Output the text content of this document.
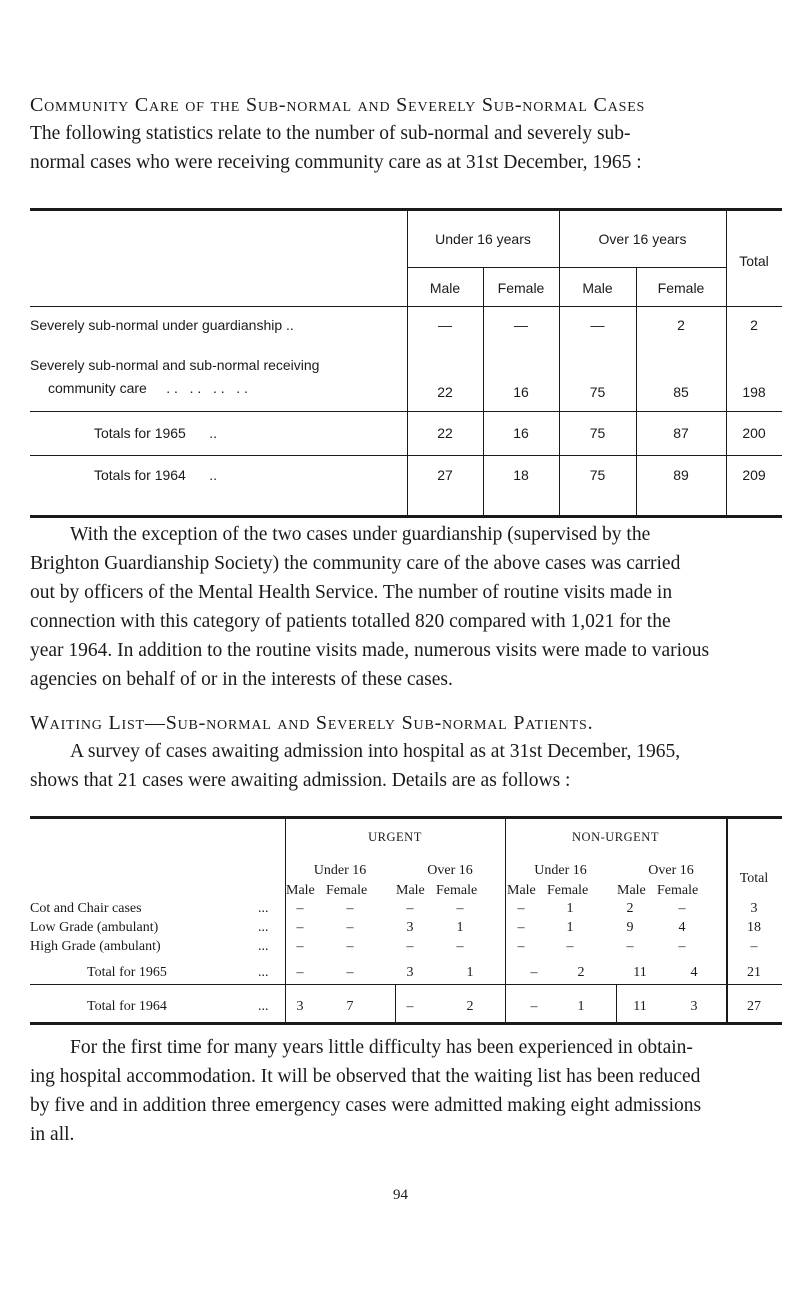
Community Care of the Sub-normal and Severely Sub-normal Cases

The following statistics relate to the number of sub-normal and severely sub-

normal cases who were receiving community care as at 31st December, 1965 :

Under 16 years	Over 16 years
Total
Male	Female	Male	Female
Severely sub-normal under guardianship ..	—	—	—	2	2
Severely sub-normal and sub-normal receiving
community care . .   . .   . .   . .	22	16	75	85	198
Totals for 1965 ..	22	16	75	87	200
Totals for 1964 ..	27	18	75	89	209

With the exception of the two cases under guardianship (supervised by the

Brighton Guardianship Society) the community care of the above cases was carried

out by officers of the Mental Health Service. The number of routine visits made in

connection with this category of patients totalled 820 compared with 1,021 for the

year 1964. In addition to the routine visits made, numerous visits were made to various

agencies on behalf of or in the interests of these cases.

Waiting List—Sub-normal and Severely Sub-normal Patients.

A survey of cases awaiting admission into hospital as at 31st December, 1965,

shows that 21 cases were awaiting admission. Details are as follows :

URGENT	NON-URGENT
Under 16	Over 16	Under 16	Over 16
Total
Male Female Male Female Male Female Male Female
Cot and Chair cases	...	–	–	–	–	–	1	2	–	3
Low Grade (ambulant)	...	–	–	3	1	–	1	9	4	18
High Grade (ambulant)	...	–	–	–	–	–	–	–	–	–
Total for 1965	...	–	–	3	1	–	2	11	4	21
Total for 1964	...	3	7	–	2	–	1	11	3	27

For the first time for many years little difficulty has been experienced in obtain-

ing hospital accommodation. It will be observed that the waiting list has been reduced

by five and in addition three emergency cases were admitted making eight admissions

in all.

94
